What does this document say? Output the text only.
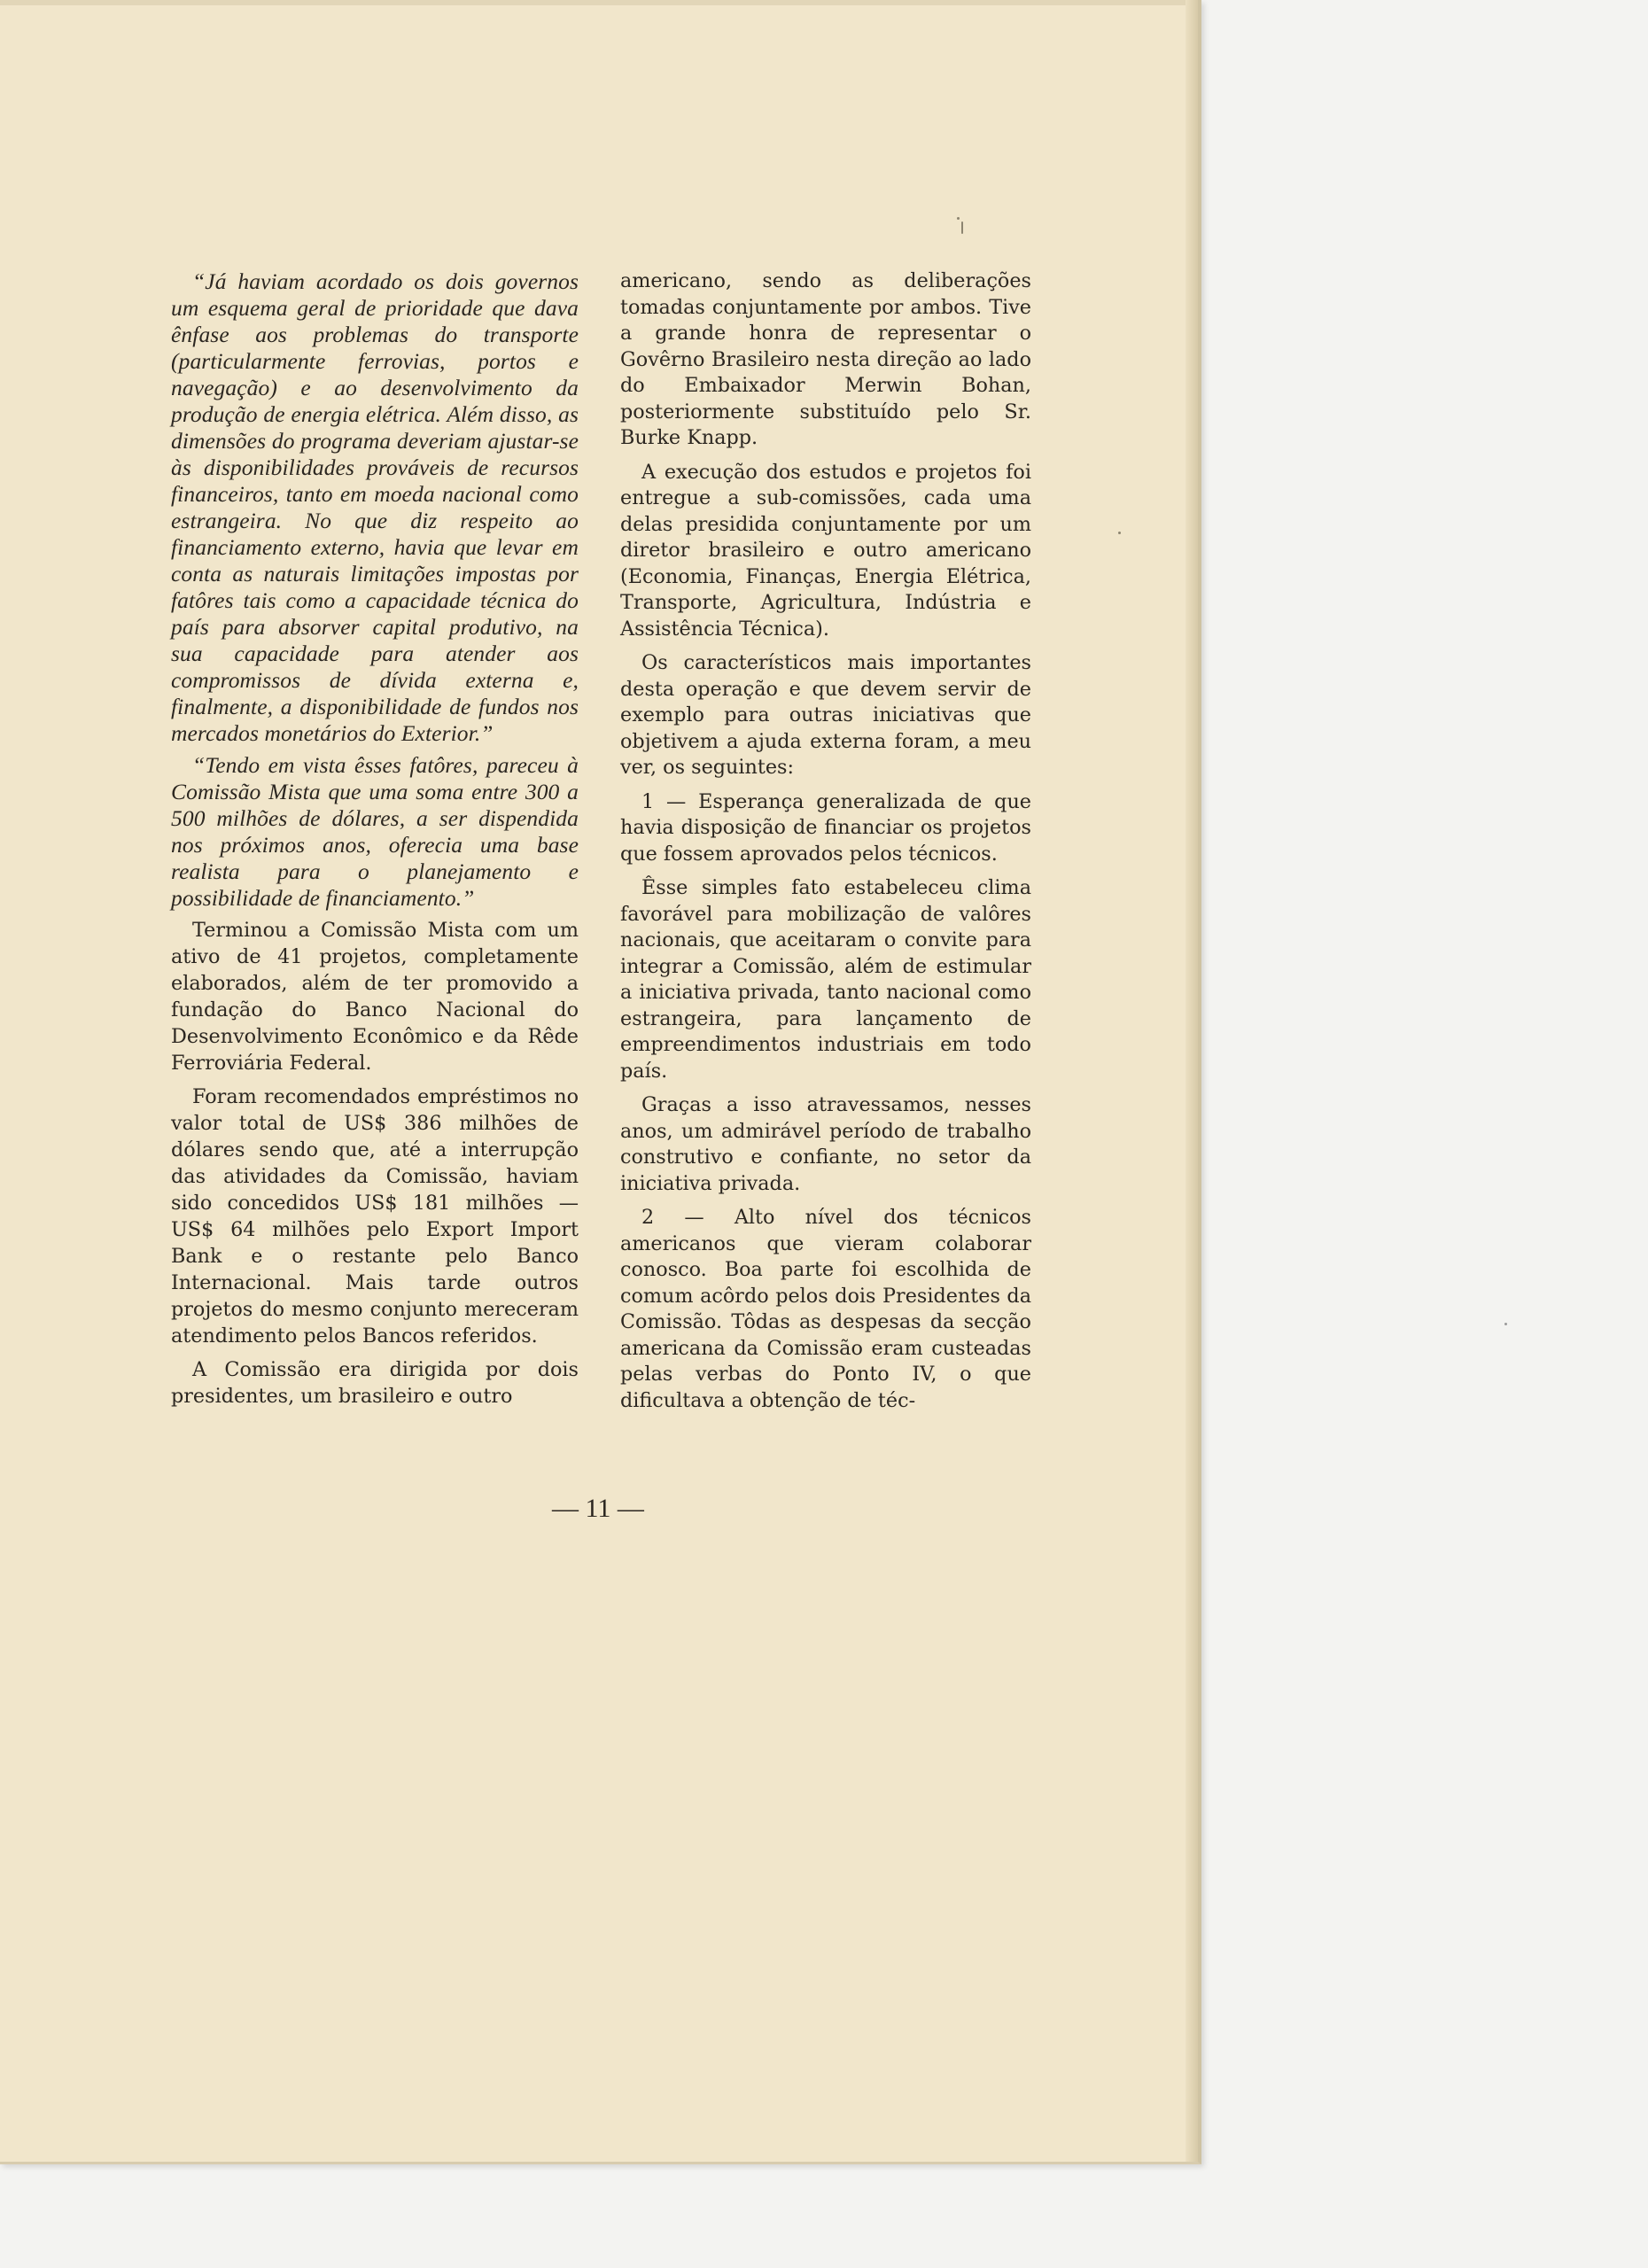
“Já haviam acordado os dois governos um esquema geral de prioridade que dava ênfase aos problemas do transporte (particularmente ferrovias, portos e navegação) e ao desenvolvimento da produção de energia elétrica. Além disso, as dimensões do programa deveriam ajustar-se às disponibilidades prováveis de recursos financeiros, tanto em moeda nacional como estrangeira. No que diz respeito ao financiamento externo, havia que levar em conta as naturais limitações impostas por fatôres tais como a capacidade técnica do país para absorver capital produtivo, na sua capacidade para atender aos compromissos de dívida externa e, finalmente, a disponibilidade de fundos nos mercados monetários do Exterior.”

“Tendo em vista êsses fatôres, pareceu à Comissão Mista que uma soma entre 300 a 500 milhões de dólares, a ser dispendida nos próximos anos, oferecia uma base realista para o planejamento e possibilidade de financiamento.”

Terminou a Comissão Mista com um ativo de 41 projetos, completamente elaborados, além de ter promovido a fundação do Banco Nacional do Desenvolvimento Econômico e da Rêde Ferroviária Federal.

Foram recomendados empréstimos no valor total de US$ 386 milhões de dólares sendo que, até a interrupção das atividades da Comissão, haviam sido concedidos US$ 181 milhões — US$ 64 milhões pelo Export Import Bank e o restante pelo Banco Internacional. Mais tarde outros projetos do mesmo conjunto mereceram atendimento pelos Bancos referidos.

A Comissão era dirigida por dois presidentes, um brasileiro e outro

americano, sendo as deliberações tomadas conjuntamente por ambos. Tive a grande honra de representar o Govêrno Brasileiro nesta direção ao lado do Embaixador Merwin Bohan, posteriormente substituído pelo Sr. Burke Knapp.

A execução dos estudos e projetos foi entregue a sub-comissões, cada uma delas presidida conjuntamente por um diretor brasileiro e outro americano (Economia, Finanças, Energia Elétrica, Transporte, Agricultura, Indústria e Assistência Técnica).

Os característicos mais importantes desta operação e que devem servir de exemplo para outras iniciativas que objetivem a ajuda externa foram, a meu ver, os seguintes:

1 — Esperança generalizada de que havia disposição de financiar os projetos que fossem aprovados pelos técnicos.

Êsse simples fato estabeleceu clima favorável para mobilização de valôres nacionais, que aceitaram o convite para integrar a Comissão, além de estimular a iniciativa privada, tanto nacional como estrangeira, para lançamento de empreendimentos industriais em todo país.

Graças a isso atravessamos, nesses anos, um admirável período de trabalho construtivo e confiante, no setor da iniciativa privada.

2 — Alto nível dos técnicos americanos que vieram colaborar conosco. Boa parte foi escolhida de comum acôrdo pelos dois Presidentes da Comissão. Tôdas as despesas da secção americana da Comissão eram custeadas pelas verbas do Ponto IV, o que dificultava a obtenção de téc-

— 11 —
